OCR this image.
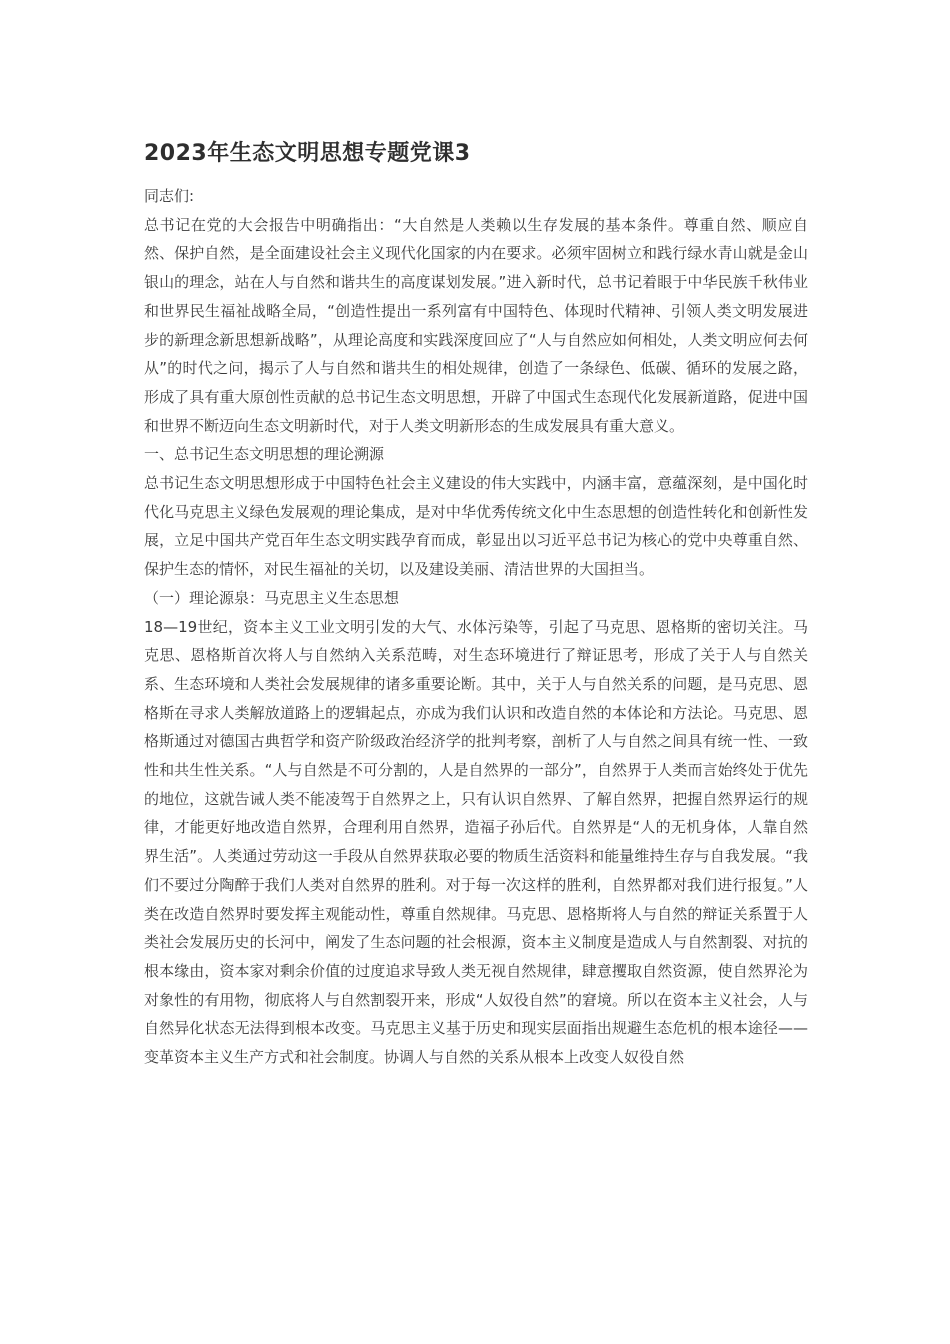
2023年生态文明思想专题党课3

同志们:

总书记在党的大会报告中明确指出：“大自然是人类赖以生存发展的基本条件。尊重自然、顺应自然、保护自然，是全面建设社会主义现代化国家的内在要求。必须牢固树立和践行绿水青山就是金山银山的理念，站在人与自然和谐共生的高度谋划发展。”进入新时代，总书记着眼于中华民族千秋伟业和世界民生福祉战略全局，“创造性提出一系列富有中国特色、体现时代精神、引领人类文明发展进步的新理念新思想新战略”，从理论高度和实践深度回应了“人与自然应如何相处，人类文明应何去何从”的时代之问，揭示了人与自然和谐共生的相处规律，创造了一条绿色、低碳、循环的发展之路，形成了具有重大原创性贡献的总书记生态文明思想，开辟了中国式生态现代化发展新道路，促进中国和世界不断迈向生态文明新时代，对于人类文明新形态的生成发展具有重大意义。

一、总书记生态文明思想的理论溯源

总书记生态文明思想形成于中国特色社会主义建设的伟大实践中，内涵丰富，意蕴深刻，是中国化时代化马克思主义绿色发展观的理论集成，是对中华优秀传统文化中生态思想的创造性转化和创新性发展，立足中国共产党百年生态文明实践孕育而成，彰显出以习近平总书记为核心的党中央尊重自然、保护生态的情怀，对民生福祉的关切，以及建设美丽、清洁世界的大国担当。

（一）理论源泉：马克思主义生态思想

18—19世纪，资本主义工业文明引发的大气、水体污染等，引起了马克思、恩格斯的密切关注。马克思、恩格斯首次将人与自然纳入关系范畴，对生态环境进行了辩证思考，形成了关于人与自然关系、生态环境和人类社会发展规律的诸多重要论断。其中，关于人与自然关系的问题，是马克思、恩格斯在寻求人类解放道路上的逻辑起点，亦成为我们认识和改造自然的本体论和方法论。马克思、恩格斯通过对德国古典哲学和资产阶级政治经济学的批判考察，剖析了人与自然之间具有统一性、一致性和共生性关系。“人与自然是不可分割的，人是自然界的一部分”，自然界于人类而言始终处于优先的地位，这就告诫人类不能凌驾于自然界之上，只有认识自然界、了解自然界，把握自然界运行的规律，才能更好地改造自然界，合理利用自然界，造福子孙后代。自然界是“人的无机身体，人靠自然界生活”。人类通过劳动这一手段从自然界获取必要的物质生活资料和能量维持生存与自我发展。“我们不要过分陶醉于我们人类对自然界的胜利。对于每一次这样的胜利，自然界都对我们进行报复。”人类在改造自然界时要发挥主观能动性，尊重自然规律。马克思、恩格斯将人与自然的辩证关系置于人类社会发展历史的长河中，阐发了生态问题的社会根源，资本主义制度是造成人与自然割裂、对抗的根本缘由，资本家对剩余价值的过度追求导致人类无视自然规律，肆意攫取自然资源，使自然界沦为对象性的有用物，彻底将人与自然割裂开来，形成“人奴役自然”的窘境。所以在资本主义社会，人与自然异化状态无法得到根本改变。马克思主义基于历史和现实层面指出规避生态危机的根本途径——变革资本主义生产方式和社会制度。协调人与自然的关系从根本上改变人奴役自然
